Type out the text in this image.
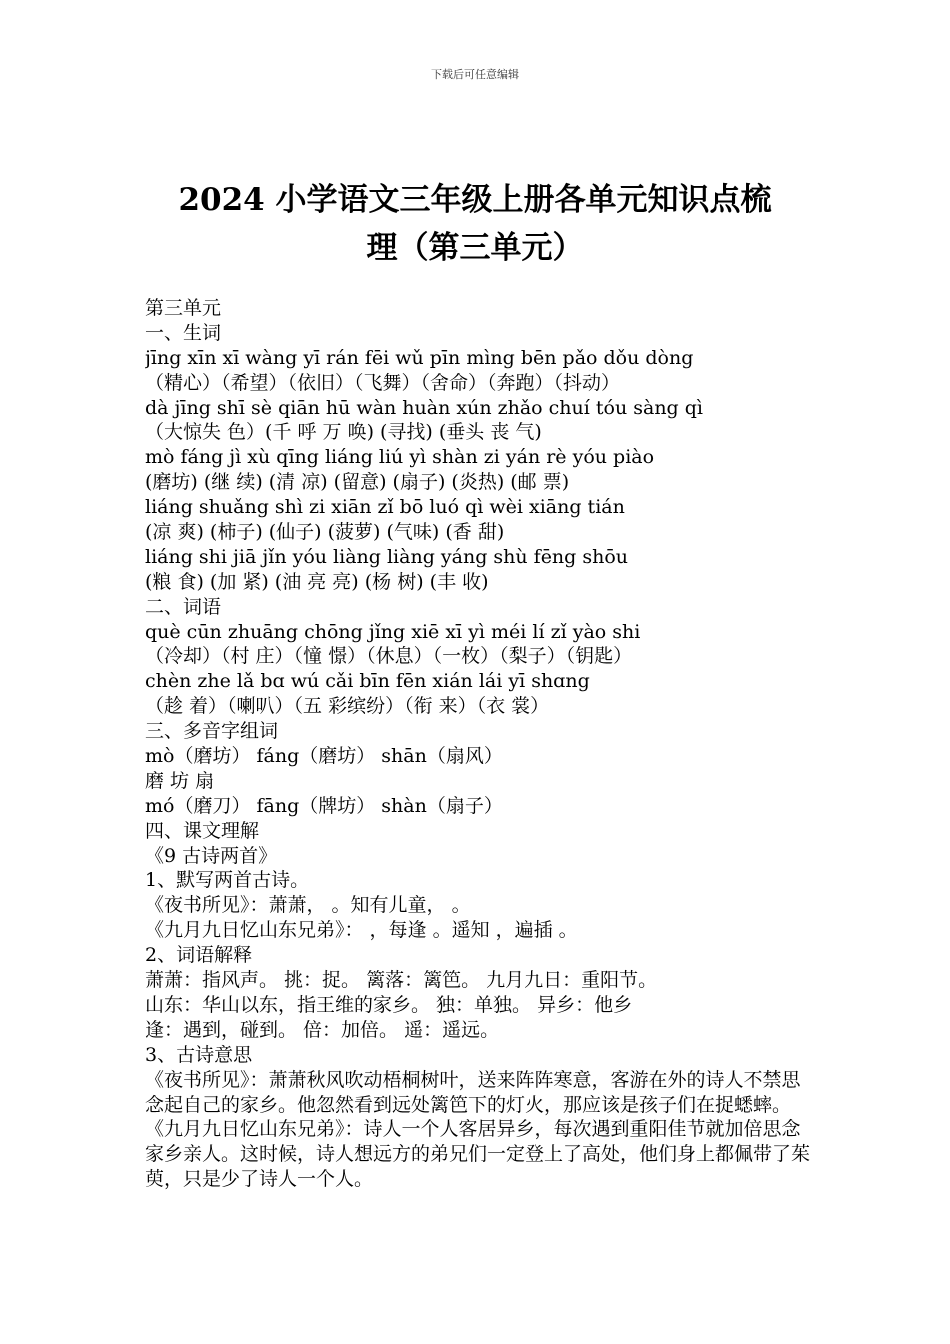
下载后可任意编辑
2024 小学语文三年级上册各单元知识点梳
理（第三单元）
第三单元
一、生词
jīng xīn xī wàng yī rán fēi wǔ pīn mìng bēn pǎo dǒu dòng
（精心）（希望）（依旧）（飞舞）（舍命）（奔跑）（抖动）
dà jīng shī sè qiān hū wàn huàn xún zhǎo chuí tóu sàng qì
（大惊失 色）(千 呼 万 唤) (寻找) (垂头 丧 气)
mò fáng jì xù qīng liáng liú yì shàn zi yán rè yóu piào
(磨坊) (继 续) (清 凉) (留意) (扇子) (炎热) (邮 票)
liáng shuǎng shì zi xiān zǐ bō luó qì wèi xiāng tián
(凉 爽) (柿子) (仙子) (菠萝) (气味) (香 甜)
liáng shi jiā jǐn yóu liàng liàng yáng shù fēng shōu
(粮 食) (加 紧) (油 亮 亮) (杨 树) (丰 收)
二、词语
què cūn zhuāng chōng jǐng xiē xī yì méi lí zǐ yào shi
（冷却）（村 庄）（憧 憬）（休息）（一枚）（梨子）（钥匙）
chèn zhe lǎ bɑ wú cǎi bīn fēn xián lái yī shɑng
（趁 着）（喇叭）（五 彩缤纷）（衔 来）（衣 裳）
三、多音字组词
mò（磨坊） fáng（磨坊） shān（扇风）
磨 坊 扇
mó（磨刀） fāng（牌坊） shàn（扇子）
四、课文理解
《9 古诗两首》
1、默写两首古诗。
《夜书所见》：萧萧， 。知有儿童， 。
《九月九日忆山东兄弟》： ，每逢 。遥知 ，遍插 。
2、词语解释
萧萧：指风声。 挑：捉。 篱落：篱笆。 九月九日：重阳节。
山东：华山以东，指王维的家乡。 独：单独。 异乡：他乡
逢：遇到，碰到。 倍：加倍。 遥：遥远。
3、古诗意思
《夜书所见》：萧萧秋风吹动梧桐树叶，送来阵阵寒意，客游在外的诗人不禁思念起自己的家乡。他忽然看到远处篱笆下的灯火，那应该是孩子们在捉蟋蟀。
《九月九日忆山东兄弟》：诗人一个人客居异乡，每次遇到重阳佳节就加倍思念家乡亲人。这时候，诗人想远方的弟兄们一定登上了高处，他们身上都佩带了茱萸，只是少了诗人一个人。
